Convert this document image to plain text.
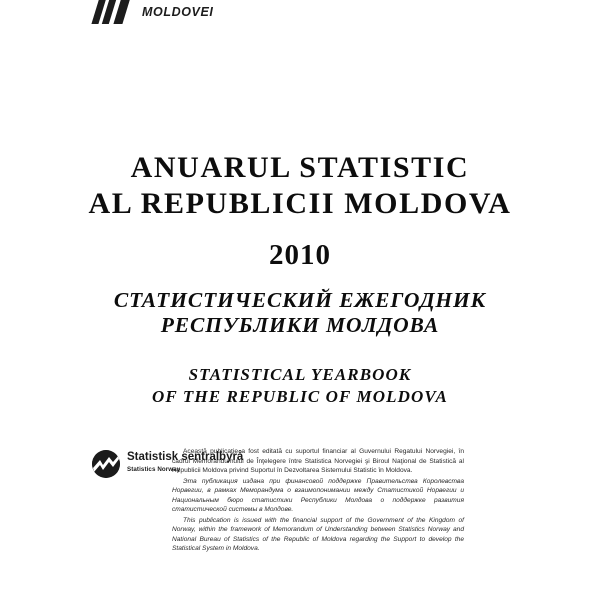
MOLDOVEI
ANUARUL STATISTIC
AL REPUBLICII MOLDOVA
2010
СТАТИСТИЧЕСКИЙ ЕЖЕГОДНИК
РЕСПУБЛИКИ МОЛДОВА
STATISTICAL YEARBOOK
OF THE REPUBLIC OF MOLDOVA
Statistisk sentralbyrå
Statistics Norway

Această publicaţie a fost editată cu suportul financiar al Guvernului Regatului Norvegiei, în cadrul Memorandumului de Înţelegere între Statistica Norvegiei şi Biroul Naţional de Statistică al Republicii Moldova privind Suportul în Dezvoltarea Sistemului Statistic în Moldova.

Эта публикация издана при финансовой поддержке Правительства Королевства Норвегии, в рамках Меморандума о взаимопонимании между Статистикой Норвегии и Национальным бюро статистики Республики Молдова о поддержке развития статистической системы в Молдове.

This publication is issued with the financial support of the Government of the Kingdom of Norway, within the framework of Memorandum of Understanding between Statistics Norway and National Bureau of Statistics of the Republic of Moldova regarding the Support to develop the Statistical System in Moldova.
